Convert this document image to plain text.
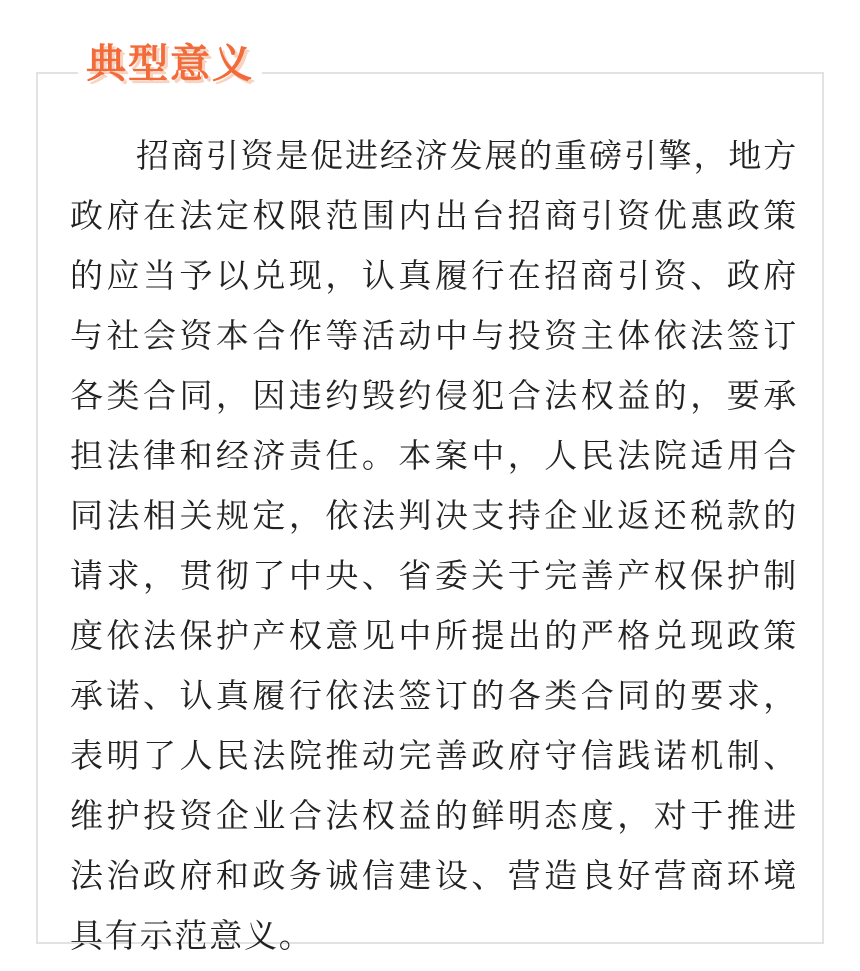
典型意义

招商引资是促进经济发展的重磅引擎，地方政府在法定权限范围内出台招商引资优惠政策的应当予以兑现，认真履行在招商引资、政府与社会资本合作等活动中与投资主体依法签订各类合同，因违约毁约侵犯合法权益的，要承担法律和经济责任。本案中，人民法院适用合同法相关规定，依法判决支持企业返还税款的请求，贯彻了中央、省委关于完善产权保护制度依法保护产权意见中所提出的严格兑现政策承诺、认真履行依法签订的各类合同的要求，表明了人民法院推动完善政府守信践诺机制、维护投资企业合法权益的鲜明态度，对于推进法治政府和政务诚信建设、营造良好营商环境具有示范意义。
